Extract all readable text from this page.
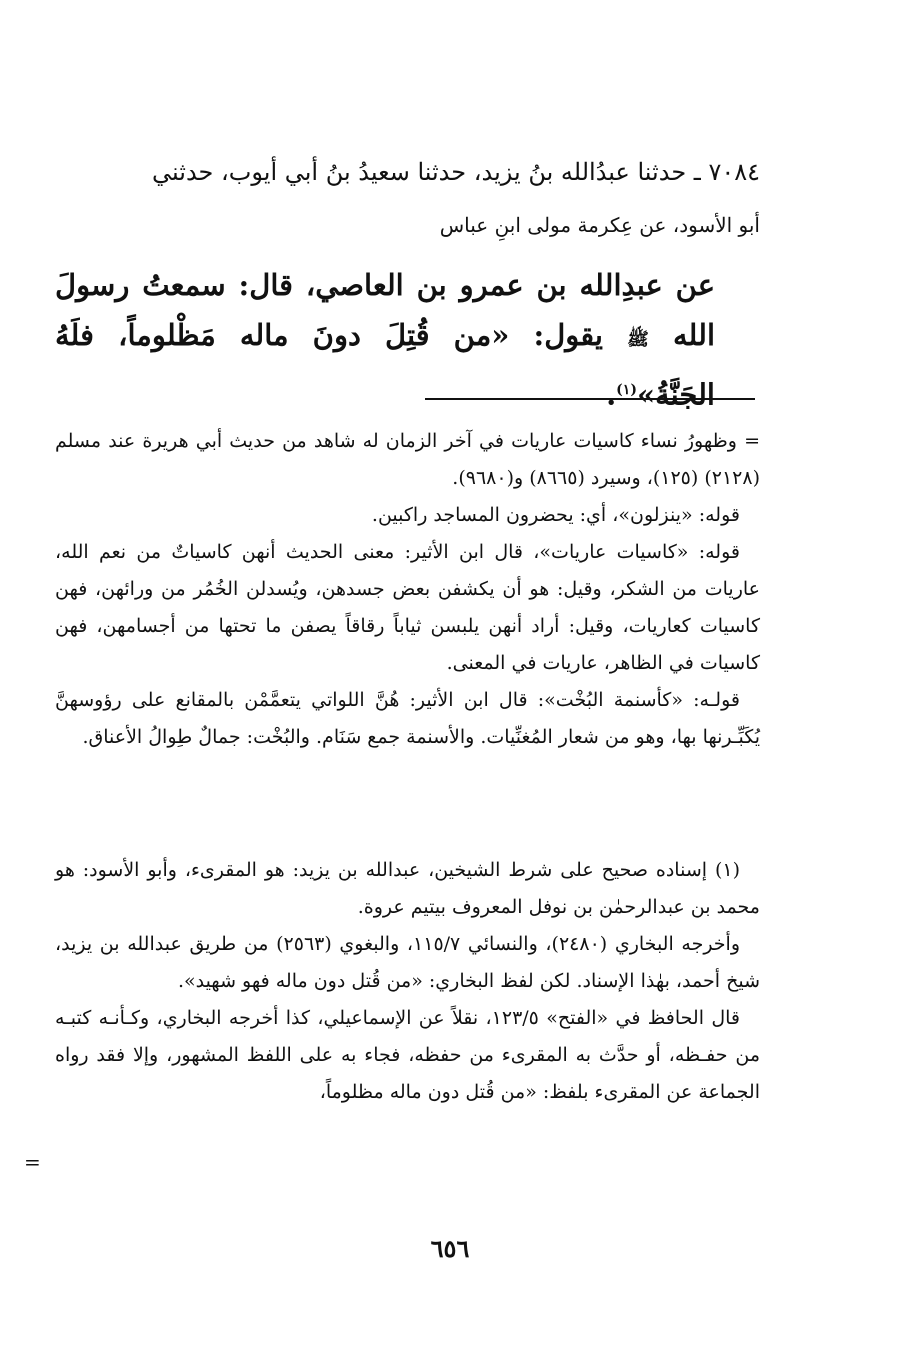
٧٠٨٤ ـ حدثنا عبدُالله بنُ يزيد، حدثنا سعيدُ بنُ أبي أيوب، حدثني
أبو الأسود، عن عِكرمة مولى ابنِ عباس
عن عبدِالله بن عمرو بن العاصي، قال: سمعتُ رسولَ الله ﷺ يقول: «من قُتِلَ دونَ ماله مَظْلوماً، فلَهُ الجَنَّةُ»$^{(١)}$.

= وظهورُ نساء كاسيات عاريات في آخر الزمان له شاهد من حديث أبي هريرة عند مسلم (٢١٢٨) (١٢٥)، وسيرد (٨٦٦٥) و(٩٦٨٠).

قوله: «ينزلون»، أي: يحضرون المساجد راكبين.

قوله: «كاسيات عاريات»، قال ابن الأثير: معنى الحديث أنهن كاسياتٌ من نعم الله، عاريات من الشكر، وقيل: هو أن يكشفن بعض جسدهن، ويُسدلن الخُمُر من ورائهن، فهن كاسيات كعاريات، وقيل: أراد أنهن يلبسن ثياباً رقاقاً يصفن ما تحتها من أجسامهن، فهن كاسيات في الظاهر، عاريات في المعنى.

قولـه: «كأسنمة البُخْت»: قال ابن الأثير: هُنَّ اللواتي يتعمَّمْن بالمقانع على رؤوسهنَّ يُكَبِّـرنها بها، وهو من شعار المُغنِّيات. والأسنمة جمع سَنَام. والبُخْت: جمالٌ طِوالُ الأعناق.

(١) إسناده صحيح على شرط الشيخين، عبدالله بن يزيد: هو المقرىء، وأبو الأسود: هو محمد بن عبدالرحمٰن بن نوفل المعروف بيتيم عروة.

وأخرجه البخاري (٢٤٨٠)، والنسائي ١١٥/٧، والبغوي (٢٥٦٣) من طريق عبدالله بن يزيد، شيخ أحمد، بهٰذا الإسناد. لكن لفظ البخاري: «من قُتل دون ماله فهو شهيد».

قال الحافظ في «الفتح» ١٢٣/٥، نقلاً عن الإسماعيلي، كذا أخرجه البخاري، وكـأنـه كتبـه من حفـظه، أو حدَّث به المقرىء من حفظه، فجاء به على اللفظ المشهور، وإلا فقد رواه الجماعة عن المقرىء بلفظ: «من قُتل دون ماله مظلوماً،

=
٦٥٦
